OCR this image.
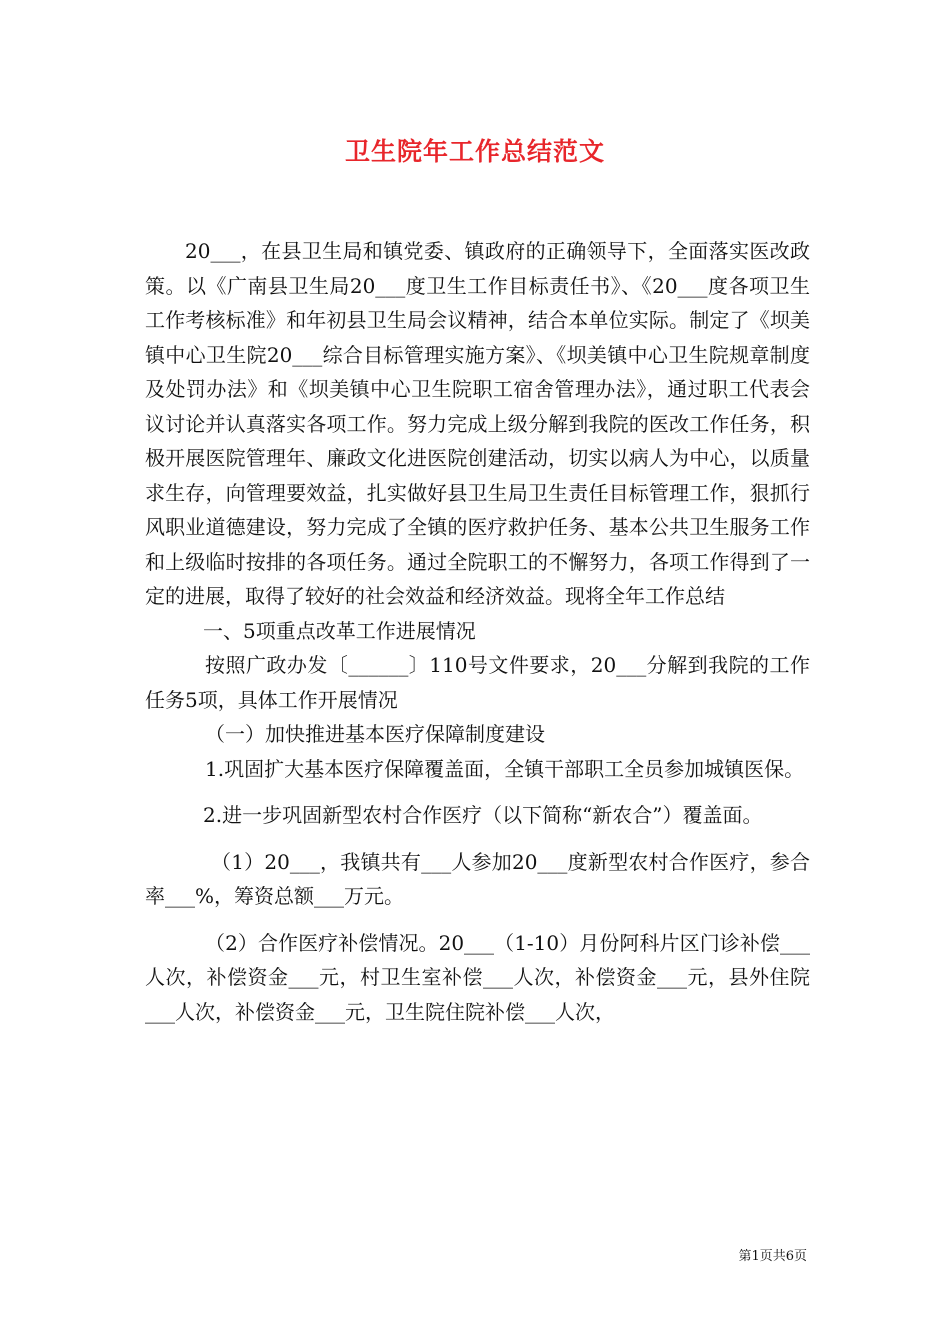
卫生院年工作总结范文

20___，在县卫生局和镇党委、镇政府的正确领导下，全面落实医改政策。以《广南县卫生局20___度卫生工作目标责任书》、《20___度各项卫生工作考核标准》和年初县卫生局会议精神，结合本单位实际。制定了《坝美镇中心卫生院20___综合目标管理实施方案》、《坝美镇中心卫生院规章制度及处罚办法》和《坝美镇中心卫生院职工宿舍管理办法》，通过职工代表会议讨论并认真落实各项工作。努力完成上级分解到我院的医改工作任务，积极开展医院管理年、廉政文化进医院创建活动，切实以病人为中心，以质量求生存，向管理要效益，扎实做好县卫生局卫生责任目标管理工作，狠抓行风职业道德建设，努力完成了全镇的医疗救护任务、基本公共卫生服务工作和上级临时按排的各项任务。通过全院职工的不懈努力，各项工作得到了一定的进展，取得了较好的社会效益和经济效益。现将全年工作总结

一、5项重点改革工作进展情况

按照广政办发〔______〕110号文件要求，20___分解到我院的工作任务5项，具体工作开展情况

（一）加快推进基本医疗保障制度建设

1.巩固扩大基本医疗保障覆盖面，全镇干部职工全员参加城镇医保。

2.进一步巩固新型农村合作医疗（以下简称“新农合”）覆盖面。

（1）20___，我镇共有___人参加20___度新型农村合作医疗，参合率___%，筹资总额___万元。

（2）合作医疗补偿情况。20___（1-10）月份阿科片区门诊补偿___人次，补偿资金___元，村卫生室补偿___人次，补偿资金___元，县外住院___人次，补偿资金___元，卫生院住院补偿___人次，

第1页共6页
